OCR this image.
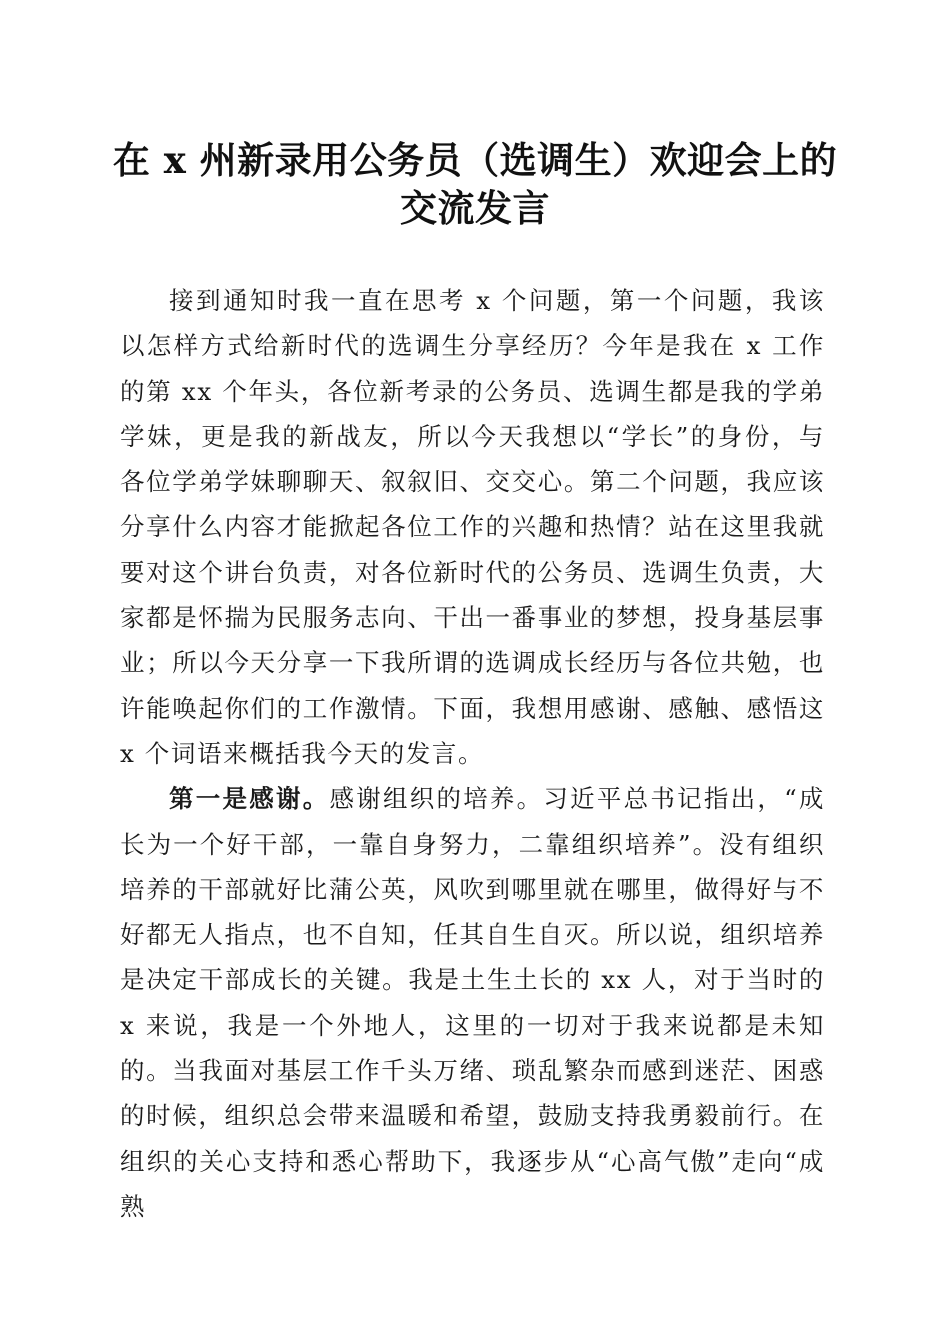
在 x 州新录用公务员（选调生）欢迎会上的交流发言

接到通知时我一直在思考 x 个问题，第一个问题，我该以怎样方式给新时代的选调生分享经历？今年是我在 x 工作的第 xx 个年头，各位新考录的公务员、选调生都是我的学弟学妹，更是我的新战友，所以今天我想以“学长”的身份，与各位学弟学妹聊聊天、叙叙旧、交交心。第二个问题，我应该分享什么内容才能掀起各位工作的兴趣和热情？站在这里我就要对这个讲台负责，对各位新时代的公务员、选调生负责，大家都是怀揣为民服务志向、干出一番事业的梦想，投身基层事业；所以今天分享一下我所谓的选调成长经历与各位共勉，也许能唤起你们的工作激情。下面，我想用感谢、感触、感悟这 x 个词语来概括我今天的发言。

第一是感谢。感谢组织的培养。习近平总书记指出，“成长为一个好干部，一靠自身努力，二靠组织培养”。没有组织培养的干部就好比蒲公英，风吹到哪里就在哪里，做得好与不好都无人指点，也不自知，任其自生自灭。所以说，组织培养是决定干部成长的关键。我是土生土长的 xx 人，对于当时的 x 来说，我是一个外地人，这里的一切对于我来说都是未知的。当我面对基层工作千头万绪、琐乱繁杂而感到迷茫、困惑的时候，组织总会带来温暖和希望，鼓励支持我勇毅前行。在组织的关心支持和悉心帮助下，我逐步从“心高气傲”走向“成熟
